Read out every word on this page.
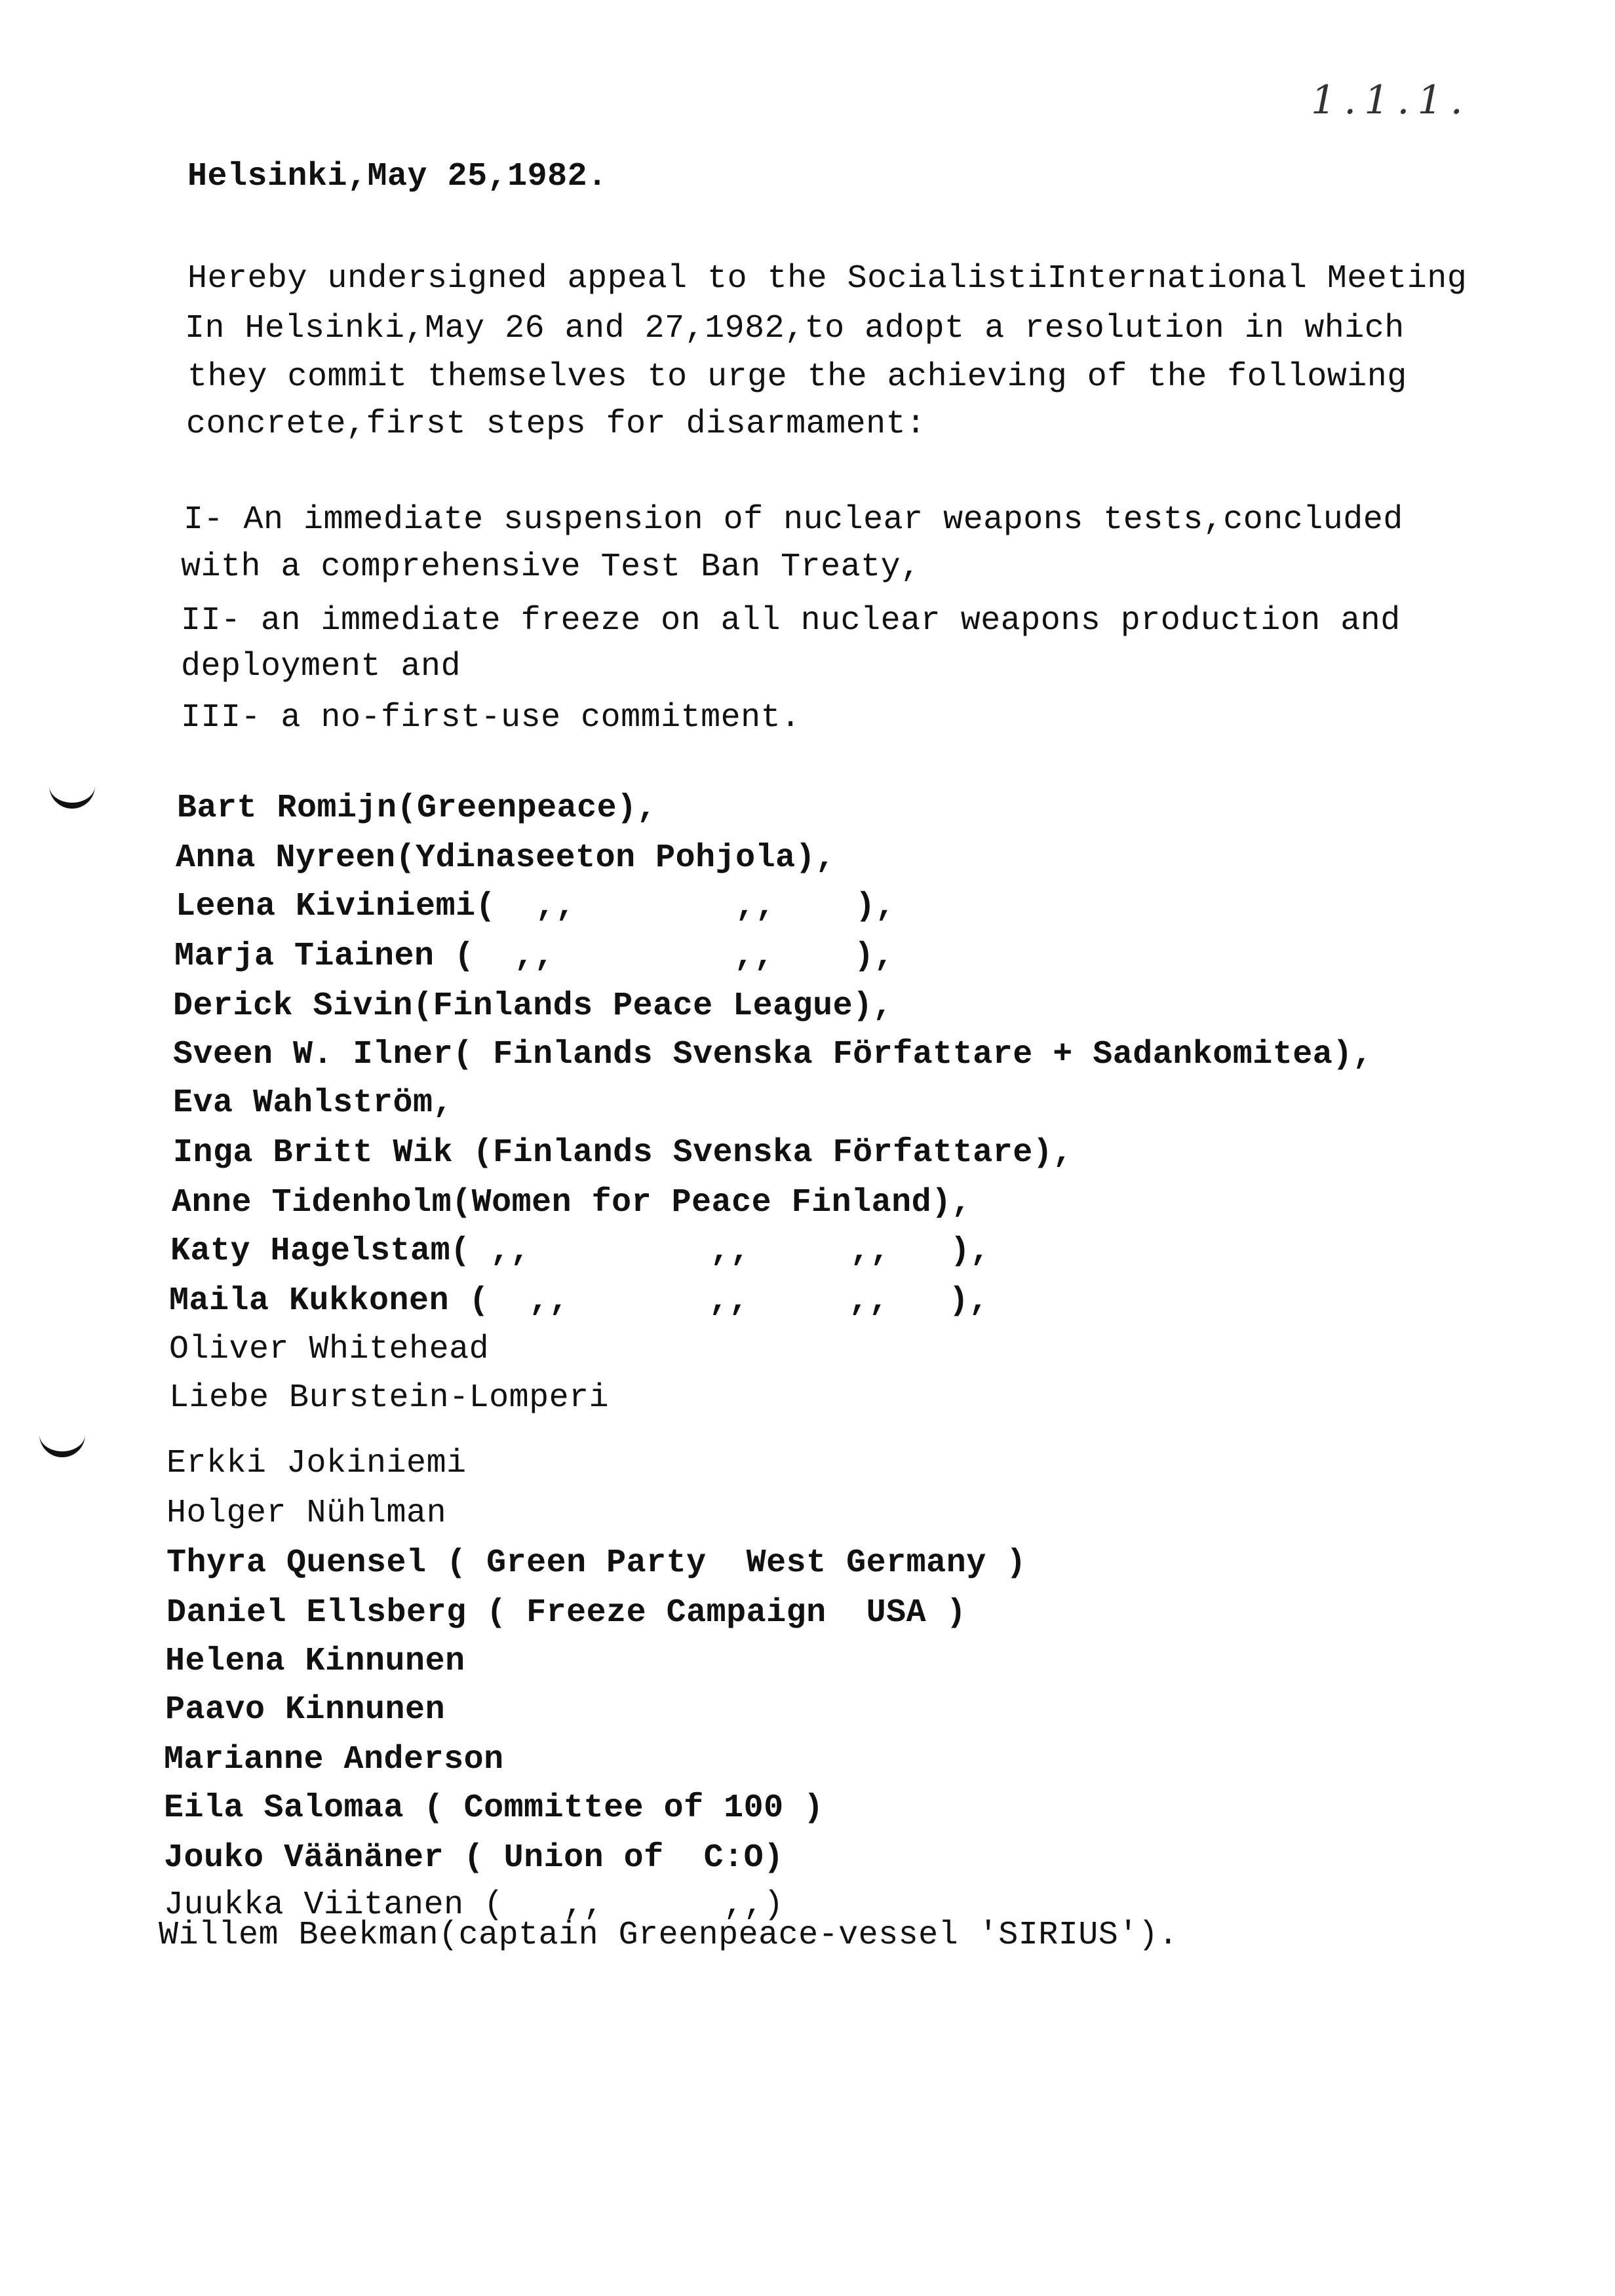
1.1.1.
Helsinki,May 25,1982.
Hereby undersigned appeal to the SocialistiInternational Meeting
In Helsinki,May 26 and 27,1982,to adopt a resolution in which
they commit themselves to urge the achieving of the following
concrete,first steps for disarmament:
I- An immediate suspension of nuclear weapons tests,concluded
with a comprehensive Test Ban Treaty,
II- an immediate freeze on all nuclear weapons production and
deployment and
III- a no-first-use commitment.
Bart Romijn(Greenpeace),
Anna Nyreen(Ydinaseeton Pohjola),
Leena Kiviniemi(  ,,        ,,    ),
Marja Tiainen (  ,,         ,,    ),
Derick Sivin(Finlands Peace League),
Sveen W. Ilner( Finlands Svenska Författare + Sadankomitea),
Eva Wahlström,
Inga Britt Wik (Finlands Svenska Författare),
Anne Tidenholm(Women for Peace Finland),
Katy Hagelstam( ,,         ,,     ,,   ),
Maila Kukkonen (  ,,       ,,     ,,   ),
Oliver Whitehead
Liebe Burstein-Lomperi
Erkki Jokiniemi
Holger Nühlman
Thyra Quensel ( Green Party  West Germany )
Daniel Ellsberg ( Freeze Campaign  USA )
Helena Kinnunen
Paavo Kinnunen
Marianne Anderson
Eila Salomaa ( Committee of 100 )
Jouko Väänäner ( Union of  C:O)
Juukka Viitanen (   ,,      ,,)
Willem Beekman(captain Greenpeace-vessel 'SIRIUS').
